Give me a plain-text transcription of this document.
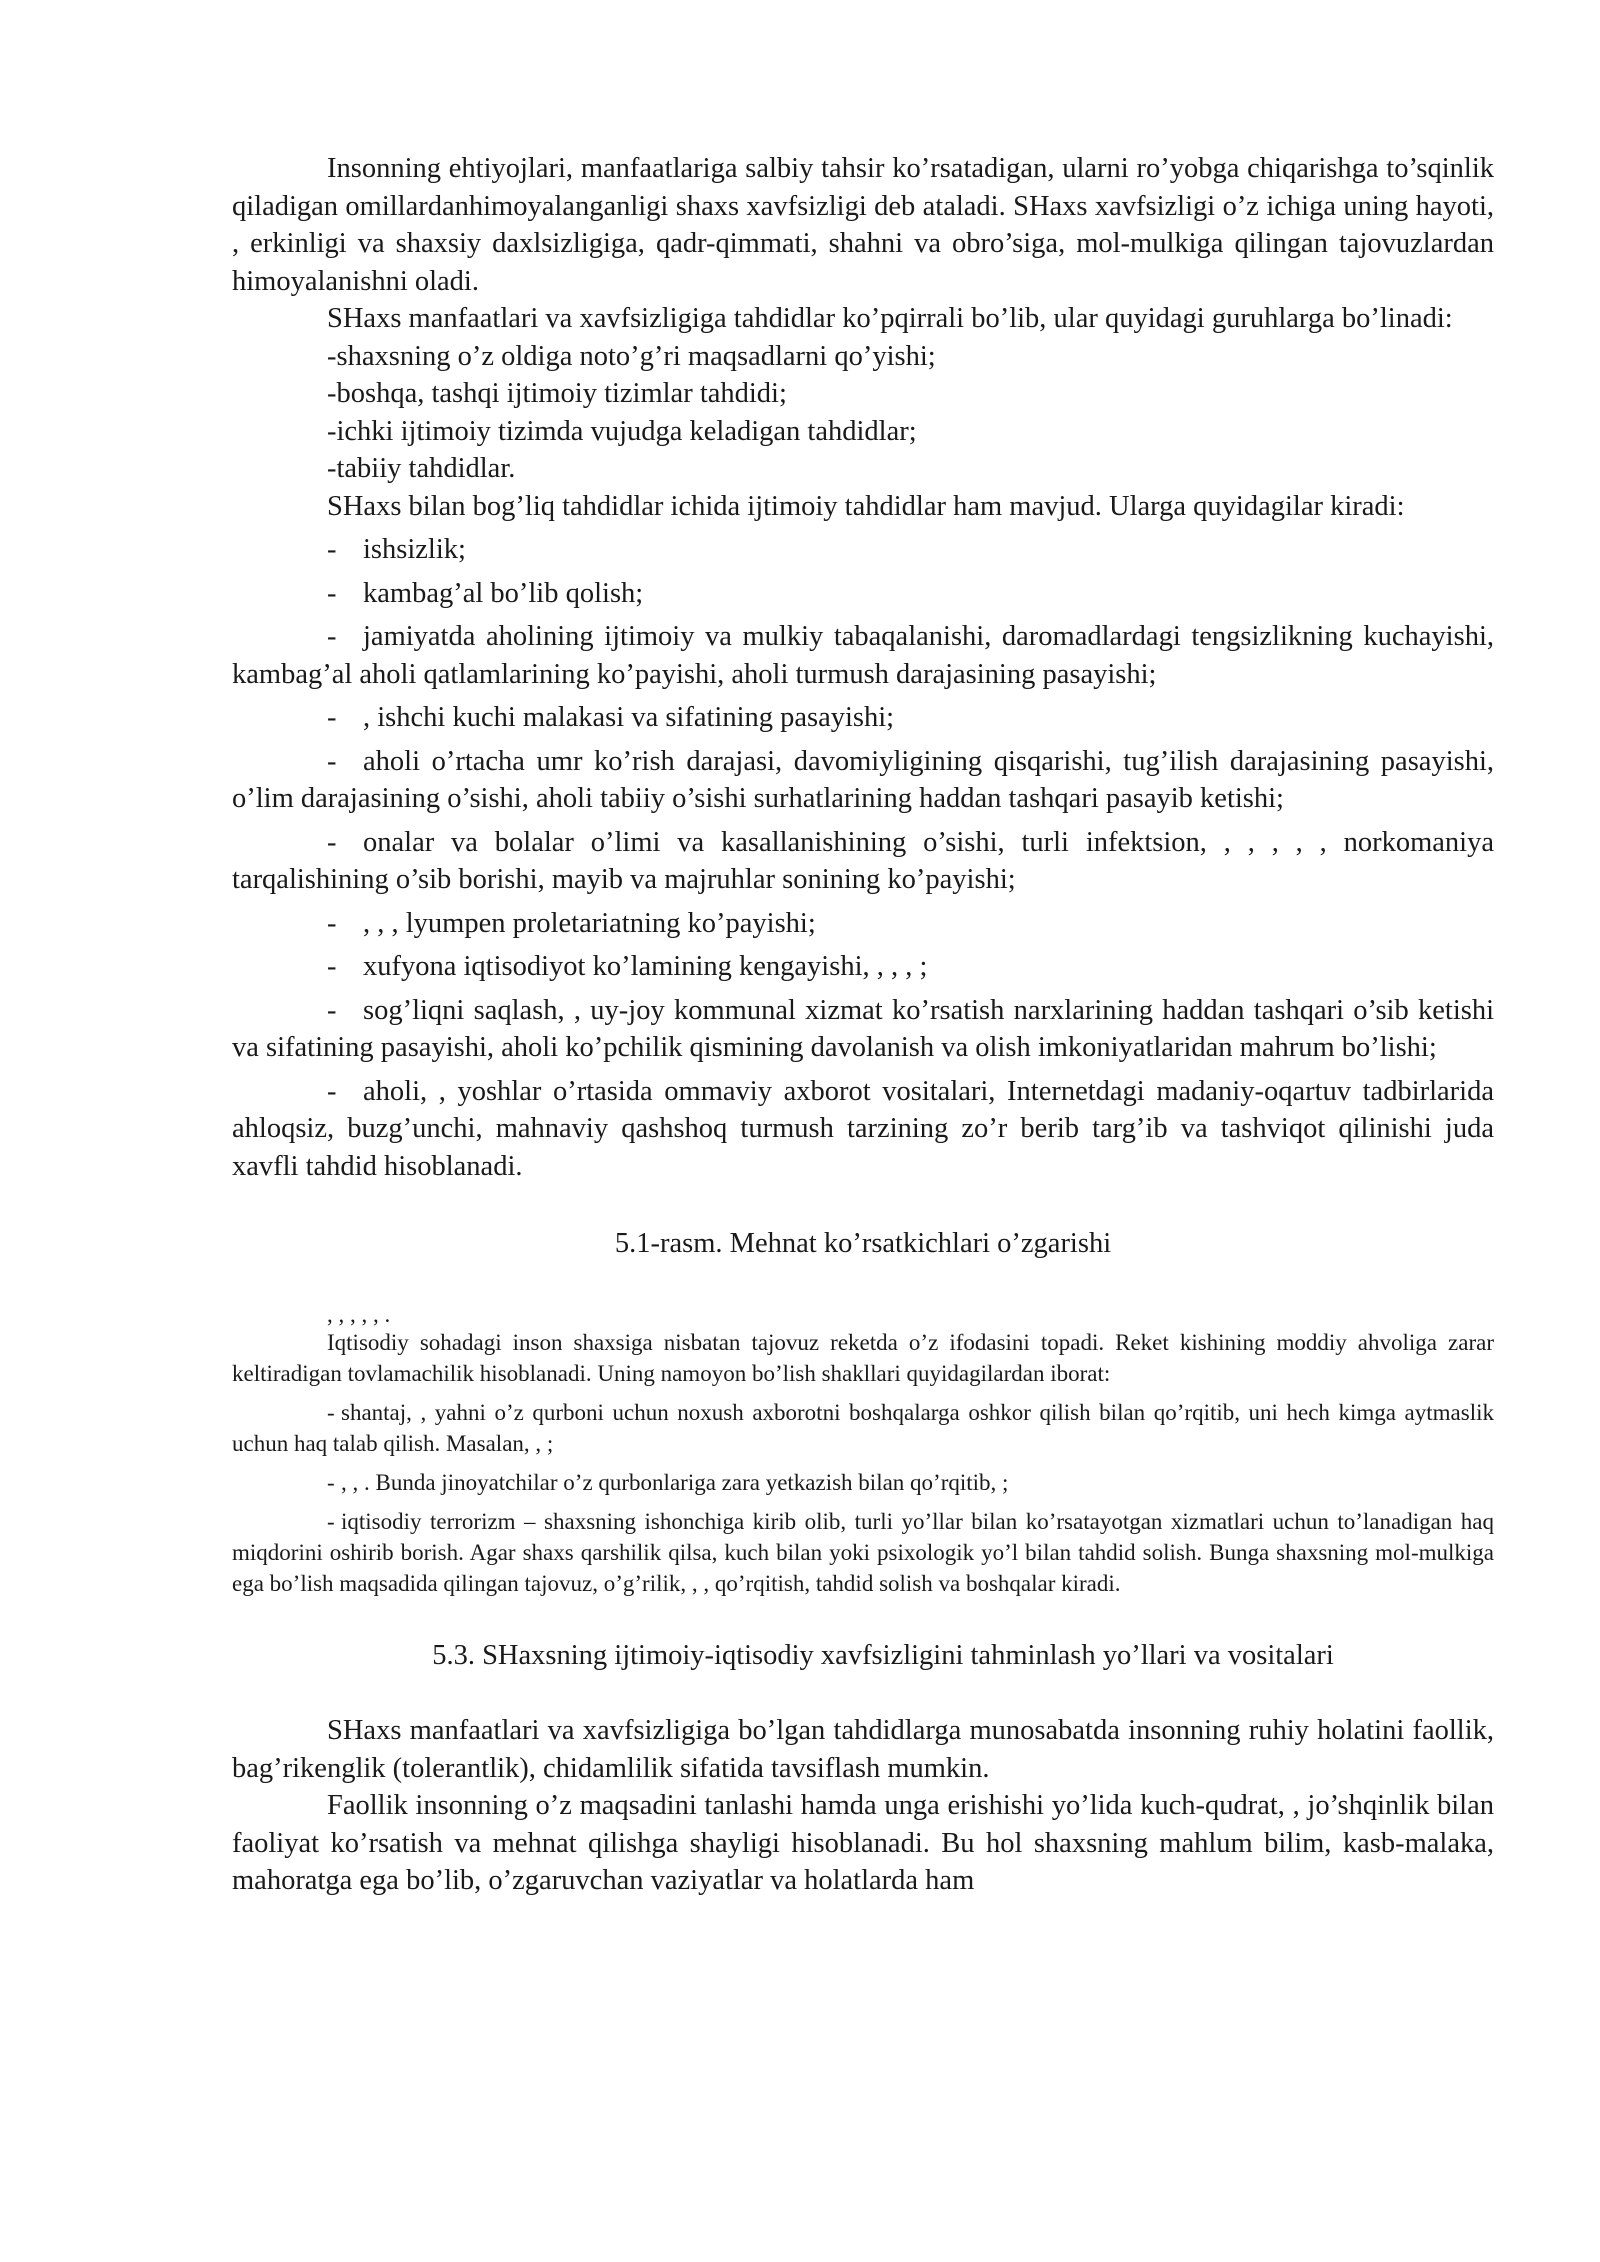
Insonning ehtiyojlari, manfaatlariga salbiy tahsir ko’rsatadigan, ularni ro’yobga chiqarishga to’sqinlik qiladigan omillardanhimoyalanganligi shaxs xavfsizligi deb ataladi. SHaxs xavfsizligi o’z ichiga uning hayoti, , erkinligi va shaxsiy daxlsizligiga, qadr-qimmati, shahni va obro’siga, mol-mulkiga qilingan tajovuzlardan himoyalanishni oladi.

SHaxs manfaatlari va xavfsizligiga tahdidlar ko’pqirrali bo’lib, ular quyidagi guruhlarga bo’linadi:

-shaxsning o’z oldiga noto’g’ri maqsadlarni qo’yishi;

-boshqa, tashqi ijtimoiy tizimlar tahdidi;

-ichki ijtimoiy tizimda vujudga keladigan tahdidlar;

-tabiiy tahdidlar.

SHaxs bilan bog’liq tahdidlar ichida ijtimoiy tahdidlar ham mavjud. Ularga quyidagilar kiradi:

- ishsizlik;

- kambag’al bo’lib qolish;

- jamiyatda aholining ijtimoiy va mulkiy tabaqalanishi, daromadlardagi tengsizlikning kuchayishi, kambag’al aholi qatlamlarining ko’payishi, aholi turmush darajasining pasayishi;

- , ishchi kuchi malakasi va sifatining pasayishi;

- aholi o’rtacha umr ko’rish darajasi, davomiyligining qisqarishi, tug’ilish darajasining pasayishi, o’lim darajasining o’sishi, aholi tabiiy o’sishi surhatlarining haddan tashqari pasayib ketishi;

- onalar va bolalar o’limi va kasallanishining o’sishi, turli infektsion, , , , , , norkomaniya tarqalishining o’sib borishi, mayib va majruhlar sonining ko’payishi;

- , , , lyumpen proletariatning ko’payishi;

- xufyona iqtisodiyot ko’lamining kengayishi, , , , ;

- sog’liqni saqlash, , uy-joy kommunal xizmat ko’rsatish narxlarining haddan tashqari o’sib ketishi va sifatining pasayishi, aholi ko’pchilik qismining davolanish va olish imkoniyatlaridan mahrum bo’lishi;

- aholi, , yoshlar o’rtasida ommaviy axborot vositalari, Internetdagi madaniy-oqartuv tadbirlarida ahloqsiz, buzg’unchi, mahnaviy qashshoq turmush tarzining zo’r berib targ’ib va tashviqot qilinishi juda xavfli tahdid hisoblanadi.

5.1-rasm. Mehnat ko’rsatkichlari o’zgarishi

, , , , , .

Iqtisodiy sohadagi inson shaxsiga nisbatan tajovuz reketda o’z ifodasini topadi. Reket kishining moddiy ahvoliga zarar keltiradigan tovlamachilik hisoblanadi. Uning namoyon bo’lish shakllari quyidagilardan iborat:

- shantaj, , yahni o’z qurboni uchun noxush axborotni boshqalarga oshkor qilish bilan qo’rqitib, uni hech kimga aytmaslik uchun haq talab qilish. Masalan, , ;

- , , . Bunda jinoyatchilar o’z qurbonlariga zara yetkazish bilan qo’rqitib, ;

- iqtisodiy terrorizm – shaxsning ishonchiga kirib olib, turli yo’llar bilan ko’rsatayotgan xizmatlari uchun to’lanadigan haq miqdorini oshirib borish. Agar shaxs qarshilik qilsa, kuch bilan yoki psixologik yo’l bilan tahdid solish. Bunga shaxsning mol-mulkiga ega bo’lish maqsadida qilingan tajovuz, o’g’rilik, , , qo’rqitish, tahdid solish va boshqalar kiradi.

5.3. SHaxsning ijtimoiy-iqtisodiy xavfsizligini tahminlash yo’llari va vositalari

SHaxs manfaatlari va xavfsizligiga bo’lgan tahdidlarga munosabatda insonning ruhiy holatini faollik, bag’rikenglik (tolerantlik), chidamlilik sifatida tavsiflash mumkin.

Faollik insonning o’z maqsadini tanlashi hamda unga erishishi yo’lida kuch-qudrat, , jo’shqinlik bilan faoliyat ko’rsatish va mehnat qilishga shayligi hisoblanadi. Bu hol shaxsning mahlum bilim, kasb-malaka, mahoratga ega bo’lib, o’zgaruvchan vaziyatlar va holatlarda ham
